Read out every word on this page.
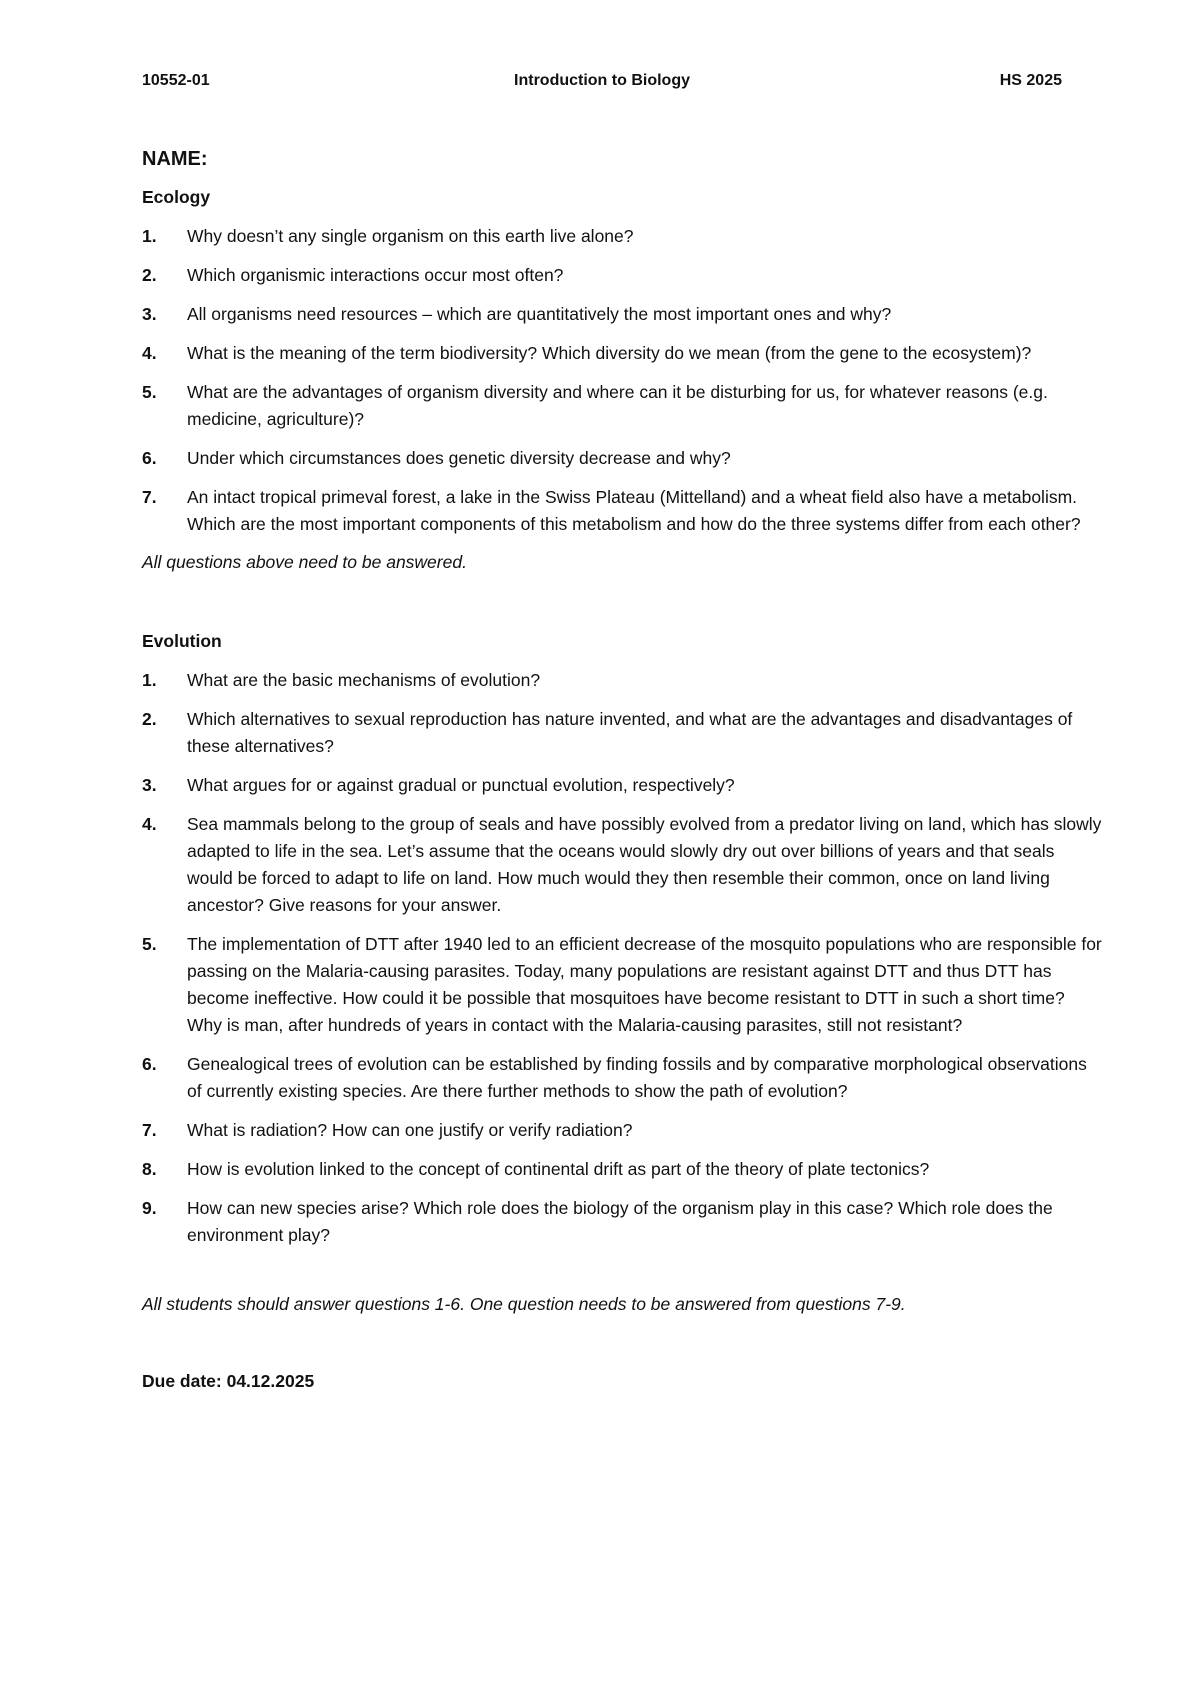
10552-01	Introduction to Biology	HS 2025
NAME:
Ecology
1. Why doesn’t any single organism on this earth live alone?
2. Which organismic interactions occur most often?
3. All organisms need resources – which are quantitatively the most important ones and why?
4. What is the meaning of the term biodiversity? Which diversity do we mean (from the gene to the ecosystem)?
5. What are the advantages of organism diversity and where can it be disturbing for us, for whatever reasons (e.g. medicine, agriculture)?
6. Under which circumstances does genetic diversity decrease and why?
7. An intact tropical primeval forest, a lake in the Swiss Plateau (Mittelland) and a wheat field also have a metabolism. Which are the most important components of this metabolism and how do the three systems differ from each other?
All questions above need to be answered.
Evolution
1. What are the basic mechanisms of evolution?
2. Which alternatives to sexual reproduction has nature invented, and what are the advantages and disadvantages of these alternatives?
3. What argues for or against gradual or punctual evolution, respectively?
4. Sea mammals belong to the group of seals and have possibly evolved from a predator living on land, which has slowly adapted to life in the sea. Let’s assume that the oceans would slowly dry out over billions of years and that seals would be forced to adapt to life on land. How much would they then resemble their common, once on land living ancestor? Give reasons for your answer.
5. The implementation of DTT after 1940 led to an efficient decrease of the mosquito populations who are responsible for passing on the Malaria-causing parasites. Today, many populations are resistant against DTT and thus DTT has become ineffective. How could it be possible that mosquitoes have become resistant to DTT in such a short time? Why is man, after hundreds of years in contact with the Malaria-causing parasites, still not resistant?
6. Genealogical trees of evolution can be established by finding fossils and by comparative morphological observations of currently existing species. Are there further methods to show the path of evolution?
7. What is radiation? How can one justify or verify radiation?
8. How is evolution linked to the concept of continental drift as part of the theory of plate tectonics?
9. How can new species arise? Which role does the biology of the organism play in this case? Which role does the environment play?
All students should answer questions 1-6. One question needs to be answered from questions 7-9.
Due date: 04.12.2025
